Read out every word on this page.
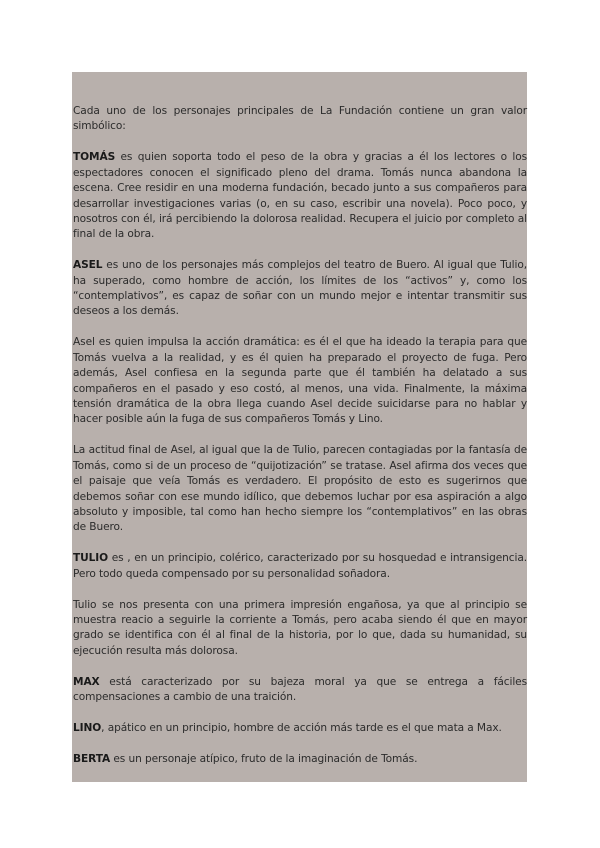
Cada uno de los personajes principales de La Fundación contiene un gran valor simbólico:

TOMÁS es quien soporta todo el peso de la obra y gracias a él los lectores o los espectadores conocen el significado pleno del drama. Tomás nunca abandona la escena. Cree residir en una moderna fundación, becado junto a sus compañeros para desarrollar investigaciones varias (o, en su caso, escribir una novela). Poco poco, y nosotros con él, irá percibiendo la dolorosa realidad. Recupera el juicio por completo al final de la obra.

ASEL es uno de los personajes más complejos del teatro de Buero. Al igual que Tulio, ha superado, como hombre de acción, los límites de los “activos” y, como los “contemplativos”, es capaz de soñar con un mundo mejor e intentar transmitir sus deseos a los demás.

Asel es quien impulsa la acción dramática: es él el que ha ideado la terapia para que Tomás vuelva a la realidad, y es él quien ha preparado el proyecto de fuga. Pero además, Asel confiesa en la segunda parte que él también ha delatado a sus compañeros en el pasado y eso costó, al menos, una vida. Finalmente, la máxima tensión dramática de la obra llega cuando Asel decide suicidarse para no hablar y hacer posible aún la fuga de sus compañeros Tomás y Lino.

La actitud final de Asel, al igual que la de Tulio, parecen contagiadas por la fantasía de Tomás, como si de un proceso de “quijotización” se tratase. Asel afirma dos veces que el paisaje que veía Tomás es verdadero. El propósito de esto es sugerirnos que debemos soñar con ese mundo idílico, que debemos luchar por esa aspiración a algo absoluto y imposible, tal como han hecho siempre los “contemplativos” en las obras de Buero.

TULIO es , en un principio, colérico, caracterizado por su hosquedad e intransigencia. Pero todo queda compensado por su personalidad soñadora.

Tulio se nos presenta con una primera impresión engañosa, ya que al principio se muestra reacio a seguirle la corriente a Tomás, pero acaba siendo él que en mayor grado se identifica con él al final de la historia, por lo que, dada su humanidad, su ejecución resulta más dolorosa.

MAX está caracterizado por su bajeza moral ya que se entrega a fáciles compensaciones a cambio de una traición.

LINO, apático en un principio, hombre de acción más tarde es el que mata a Max.

BERTA es un personaje atípico, fruto de la imaginación de Tomás.
